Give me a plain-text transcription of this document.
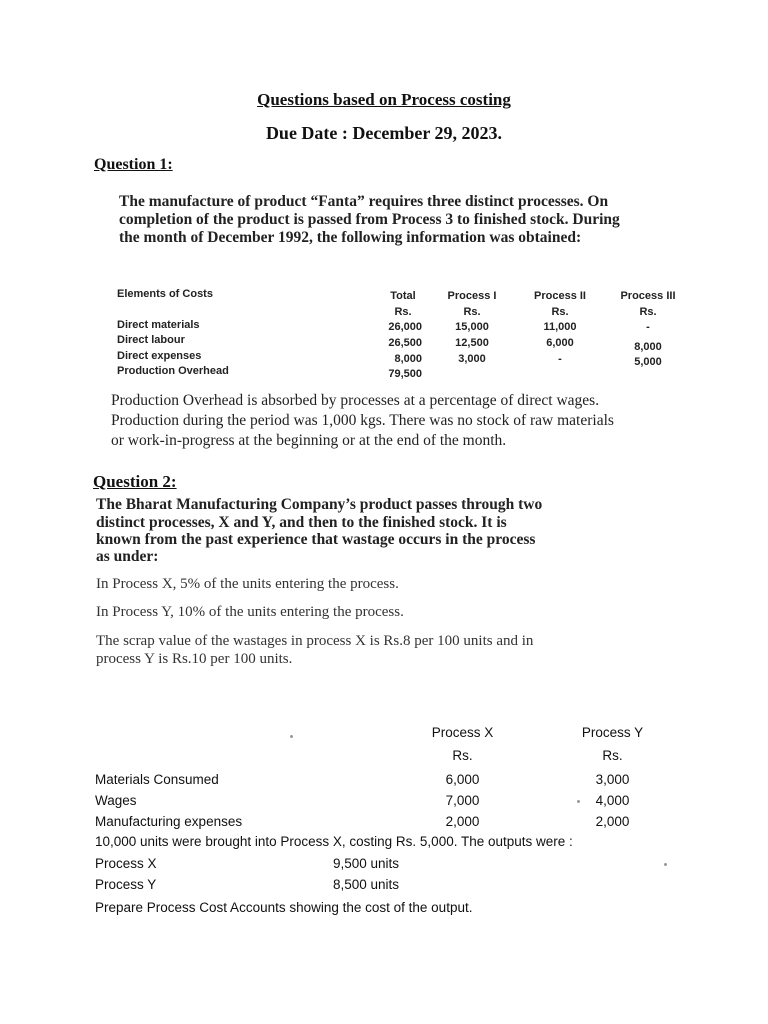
Questions based on Process costing
Due Date : December 29, 2023.
Question 1:
The manufacture of product “Fanta” requires three distinct processes. On
completion of the product is passed from Process 3 to finished stock. During
the month of December 1992, the following information was obtained:
Elements of Costs	Total	Process I	Process II	Process III
Rs.	Rs.	Rs.	Rs.
Direct materials	26,000	15,000	11,000	-
Direct labour	26,500	12,500	6,000	8,000
Direct expenses	8,000	3,000	-	5,000
Production Overhead	79,500
Production Overhead is absorbed by processes at a percentage of direct wages.
Production during the period was 1,000 kgs. There was no stock of raw materials
or work-in-progress at the beginning or at the end of the month.
Question 2:
The Bharat Manufacturing Company’s product passes through two
distinct processes, X and Y, and then to the finished stock. It is
known from the past experience that wastage occurs in the process
as under:
In Process X, 5% of the units entering the process.
In Process Y, 10% of the units entering the process.
The scrap value of the wastages in process X is Rs.8 per 100 units and in
process Y is Rs.10 per 100 units.
Process X	Process Y
Rs.	Rs.
Materials Consumed	6,000	3,000
Wages	7,000	4,000
Manufacturing expenses	2,000	2,000
10,000 units were brought into Process X, costing Rs. 5,000. The outputs were :
Process X	9,500 units
Process Y	8,500 units
Prepare Process Cost Accounts showing the cost of the output.
